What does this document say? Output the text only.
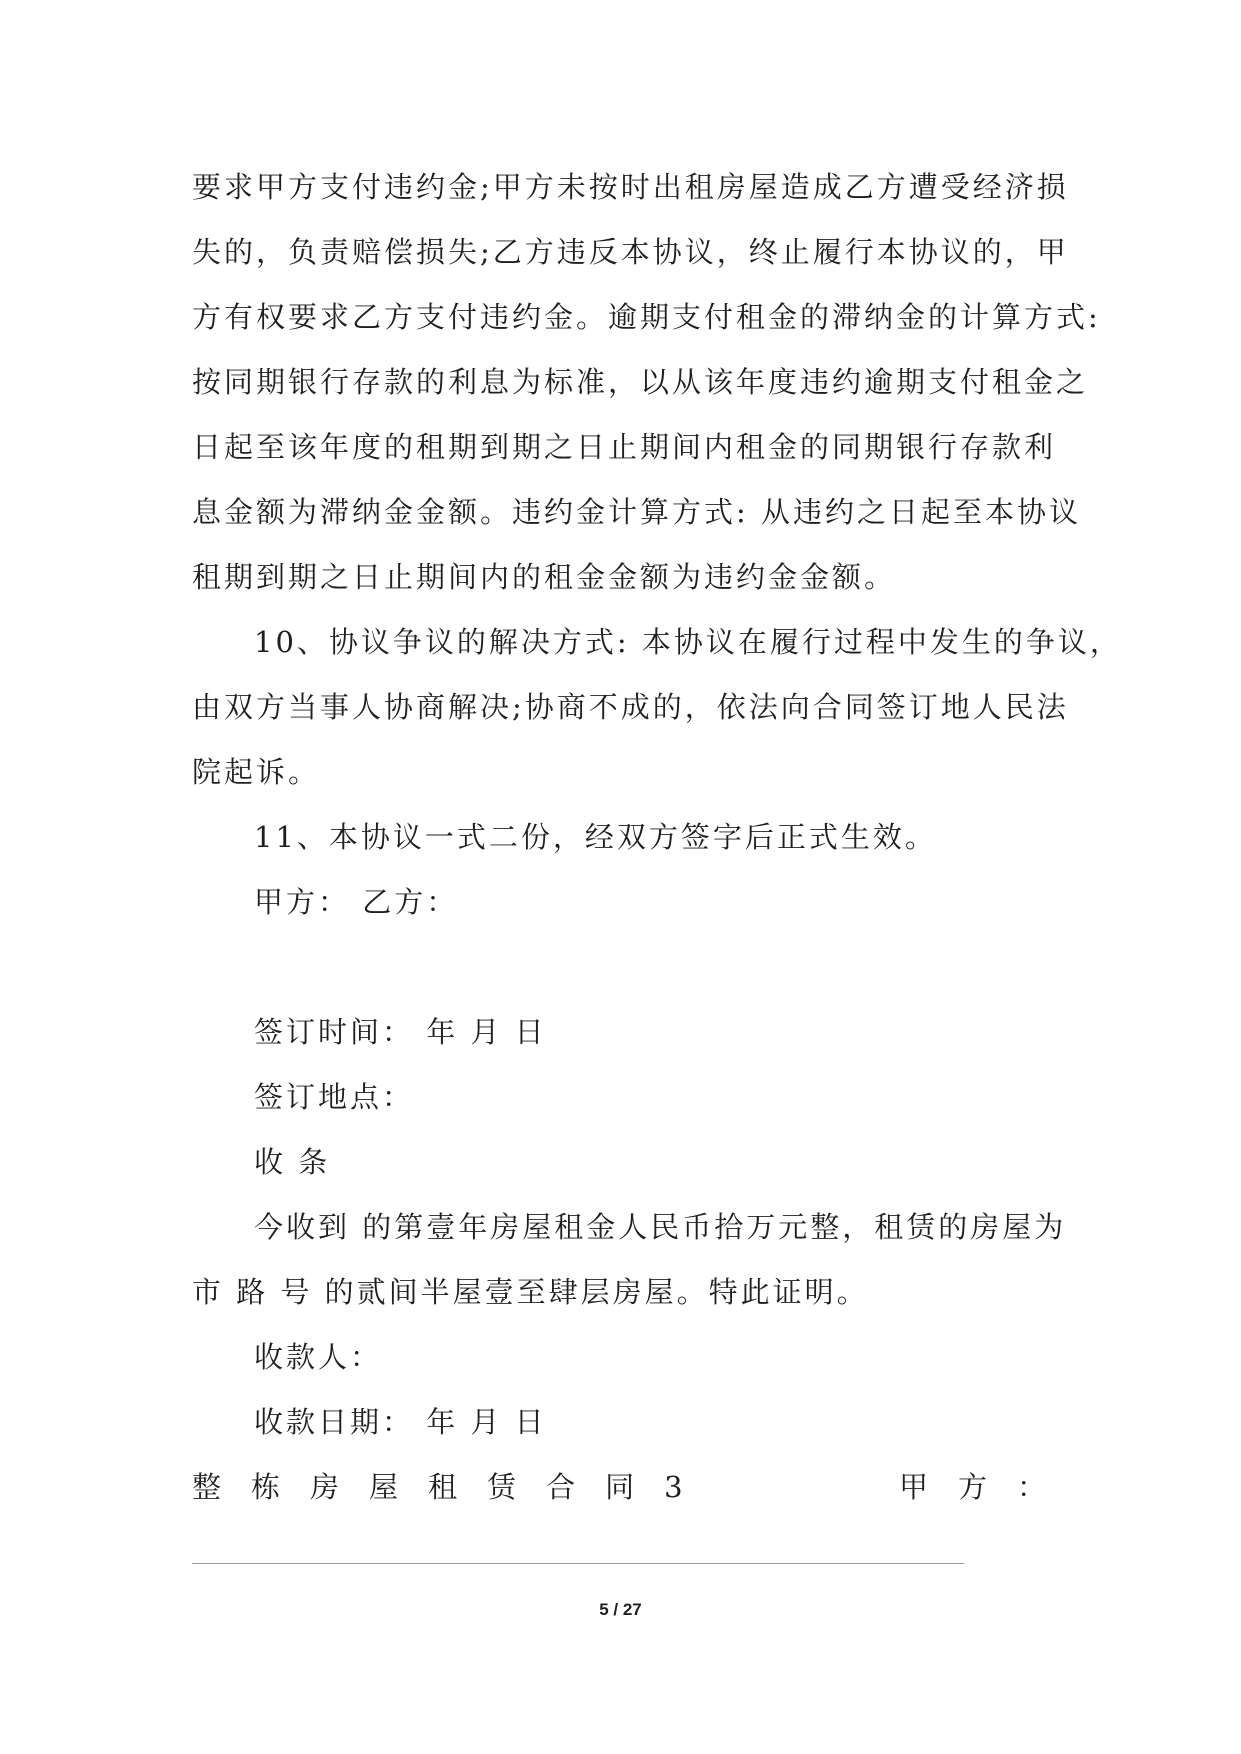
要求甲方支付违约金;甲方未按时出租房屋造成乙方遭受经济损
失的，负责赔偿损失;乙方违反本协议，终止履行本协议的，甲
方有权要求乙方支付违约金。逾期支付租金的滞纳金的计算方式:
按同期银行存款的利息为标准，以从该年度违约逾期支付租金之
日起至该年度的租期到期之日止期间内租金的同期银行存款利
息金额为滞纳金金额。违约金计算方式: 从违约之日起至本协议
租期到期之日止期间内的租金金额为违约金金额。
10、协议争议的解决方式: 本协议在履行过程中发生的争议，
由双方当事人协商解决;协商不成的，依法向合同签订地人民法
院起诉。
11、本协议一式二份，经双方签字后正式生效。
甲方： 乙方：
签订时间： 年 月 日
签订地点：
收 条
今收到 的第壹年房屋租金人民币拾万元整，租赁的房屋为
市 路 号 的贰间半屋壹至肆层房屋。特此证明。
收款人：
收款日期： 年 月 日
整 栋 房 屋 租 赁 合 同 3	甲 方 ：
5 / 27
